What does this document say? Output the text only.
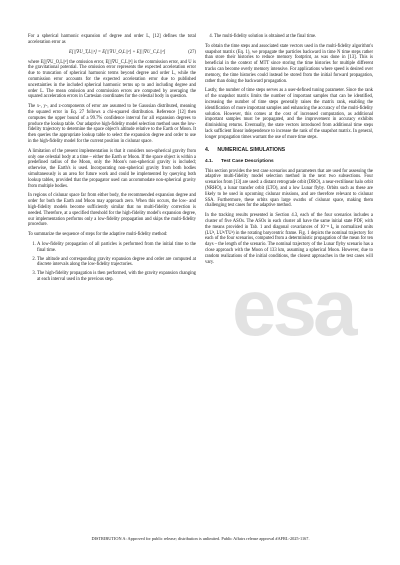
For a spherical harmonic expansion of degree and order L, [12] defines the total acceleration error as

E[||∇U_T,L||²] = E[||∇U_O,L||²] + E[||∇U_C,L||²]	(27)

where E[||∇U_O,L||²] the omission error, E[||∇U_C,L||²] is the commission error, and U is the gravitational potential. The omission error represents the expected acceleration error due to truncation of spherical harmonic terms beyond degree and order L, while the commission error accounts for the expected acceleration error due to published uncertainties in the included spherical harmonic terms up to and including degree and order L. The mean omission and commission errors are computed by averaging the squared acceleration errors in Cartesian coordinates for the celestial body in question.

The x-, y-, and z-components of error are assumed to be Gaussian distributed, meaning the squared error in Eq. 27 follows a chi-squared distribution. Reference [12] then computes the upper bound of a 99.7% confidence interval for all expansion degrees to produce the lookup table. Our adaptive high-fidelity model selection method uses the low-fidelity trajectory to determine the space object's altitude relative to the Earth or Moon. It then queries the appropriate lookup table to select the expansion degree and order to use in the high-fidelity model for the current position in cislunar space.

A limitation of the present implementation is that it considers non-spherical gravity from only one celestial body at a time – either the Earth or Moon. If the space object is within a predefined radius of the Moon, only the Moon's non-spherical gravity is included; otherwise, the Earth's is used. Incorporating non-spherical gravity from both bodies simultaneously is an area for future work and could be implemented by querying both lookup tables, provided that the propagator used can accommodate non-spherical gravity from multiple bodies.

In regions of cislunar space far from either body, the recommended expansion degree and order for both the Earth and Moon may approach zero. When this occurs, the low- and high-fidelity models become sufficiently similar that no multi-fidelity correction is needed. Therefore, at a specified threshold for the high-fidelity model's expansion degree, our implementation performs only a low-fidelity propagation and skips the multi-fidelity procedure.

To summarize the sequence of steps for the adaptive multi-fidelity method:

1. A low-fidelity propagation of all particles is performed from the initial time to the final time.
2. The altitude and corresponding gravity expansion degree and order are computed at discrete intervals along the low-fidelity trajectories.
3. The high-fidelity propagation is then performed, with the gravity expansion changing at each interval used in the previous step.
4. The multi-fidelity solution is obtained at the final time.

To obtain the time steps and associated state vectors used in the multi-fidelity algorithm's snapshot matrix (Eq. 1), we propagate the particles backward in time N time steps rather than store their histories to reduce memory footprint, as was done in [13]. This is beneficial in the context of MTT since storing the time histories for multiple different tracks can become overly memory intensive. For applications where speed is desired over memory, the time histories could instead be stored from the initial forward propagation, rather than doing the backward propagation.

Lastly, the number of time steps serves as a user-defined tuning parameter. Since the rank of the snapshot matrix limits the number of important samples that can be identified, increasing the number of time steps generally raises the matrix rank, enabling the identification of more important samples and enhancing the accuracy of the multi-fidelity solution. However, this comes at the cost of increased computation, as additional important samples must be propagated, and the improvement in accuracy exhibits diminishing returns. Eventually, the state vectors introduced from additional time steps lack sufficient linear independence to increase the rank of the snapshot matrix. In general, longer propagation times warrant the use of more time steps.

4. NUMERICAL SIMULATIONS
4.1. Test Case Descriptions

This section provides the test case scenarios and parameters that are used for assessing the adaptive multi-fidelity model selection method in the next two subsections. Four scenarios from [13] are used: a distant retrograde orbit (DRO), a near-rectilinear halo orbit (NRHO), a lunar transfer orbit (LTO), and a low Lunar flyby. Orbits such as these are likely to be used in upcoming cislunar missions, and are therefore relevant to cislunar SSA. Furthermore, these orbits span large swaths of cislunar space, making them challenging test cases for the adaptive method.

In the tracking results presented in Section 4.3, each of the four scenarios includes a cluster of five ASOs. The ASOs in each cluster all have the same initial state PDF, with the means provided in Tab. 1 and diagonal covariances of 10⁻⁸ I₆ in normalized units (LU², LU²/TU²) in the rotating barycentric frame. Fig. 1 depicts the nominal trajectory for each of the four scenarios, computed from a deterministic propagation of the mean for ten days – the length of the scenario. The nominal trajectory of the Lunar flyby scenario has a close approach with the Moon of 133 km, assuming a spherical Moon. However, due to random realizations of the initial conditions, the closest approaches in the test cases will vary.

esa
DISTRIBUTION A: Approved for public release; distribution is unlimited. Public Affairs release approval #AFRL-2025-1167.
